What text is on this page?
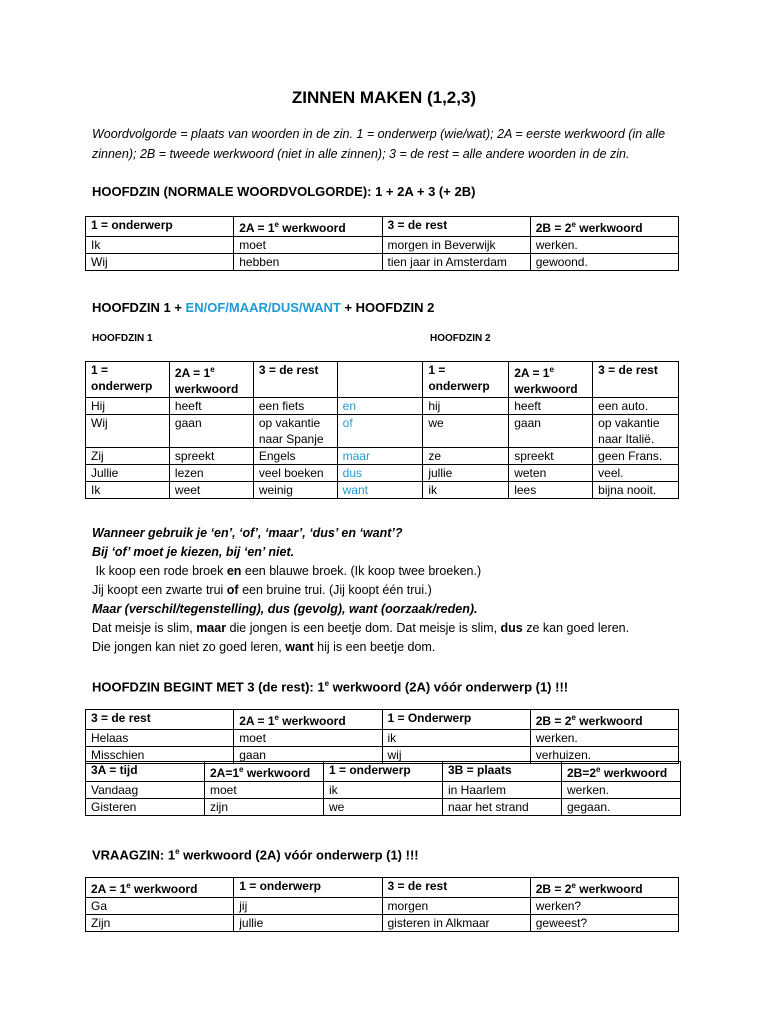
ZINNEN MAKEN (1,2,3)
Woordvolgorde = plaats van woorden in de zin. 1 = onderwerp (wie/wat); 2A = eerste werkwoord (in alle zinnen); 2B = tweede werkwoord (niet in alle zinnen); 3 = de rest = alle andere woorden in de zin.
HOOFDZIN (NORMALE WOORDVOLGORDE): 1 + 2A + 3 (+ 2B)
1 = onderwerp	$2A = 1^e$ werkwoord	3 = de rest	$2B = 2^e$ werkwoord
Ik	moet	morgen in Beverwijk	werken.
Wij	hebben	tien jaar in Amsterdam	gewoond.
HOOFDZIN 1 + EN/OF/MAAR/DUS/WANT + HOOFDZIN 2
HOOFDZIN 1	HOOFDZIN 2
1 = onderwerp	$2A = 1^e$ werkwoord	3 = de rest		1 = onderwerp	$2A = 1^e$ werkwoord	3 = de rest
Hij	heeft	een fiets	en	hij	heeft	een auto.
Wij	gaan	op vakantie naar Spanje	of	we	gaan	op vakantie naar Italië.
Zij	spreekt	Engels	maar	ze	spreekt	geen Frans.
Jullie	lezen	veel boeken	dus	jullie	weten	veel.
Ik	weet	weinig	want	ik	lees	bijna nooit.
Wanneer gebruik je ‘en’, ‘of’, ‘maar’, ‘dus’ en ‘want’?
Bij ‘of’ moet je kiezen, bij ‘en’ niet.
Ik koop een rode broek en een blauwe broek. (Ik koop twee broeken.)
Jij koopt een zwarte trui of een bruine trui. (Jij koopt één trui.)
Maar (verschil/tegenstelling), dus (gevolg), want (oorzaak/reden).
Dat meisje is slim, maar die jongen is een beetje dom. Dat meisje is slim, dus ze kan goed leren.
Die jongen kan niet zo goed leren, want hij is een beetje dom.
HOOFDZIN BEGINT MET 3 (de rest): 1e werkwoord (2A) vóór onderwerp (1) !!!
3 = de rest	$2A = 1^e$ werkwoord	1 = Onderwerp	$2B = 2^e$ werkwoord
Helaas	moet	ik	werken.
Misschien	gaan	wij	verhuizen.
3A = tijd	$2A=1^e$ werkwoord	1 = onderwerp	3B = plaats	$2B=2^e$ werkwoord
Vandaag	moet	ik	in Haarlem	werken.
Gisteren	zijn	we	naar het strand	gegaan.
VRAAGZIN: 1e werkwoord (2A) vóór onderwerp (1) !!!
$2A = 1^e$ werkwoord	1 = onderwerp	3 = de rest	$2B = 2^e$ werkwoord
Ga	jij	morgen	werken?
Zijn	jullie	gisteren in Alkmaar	geweest?
